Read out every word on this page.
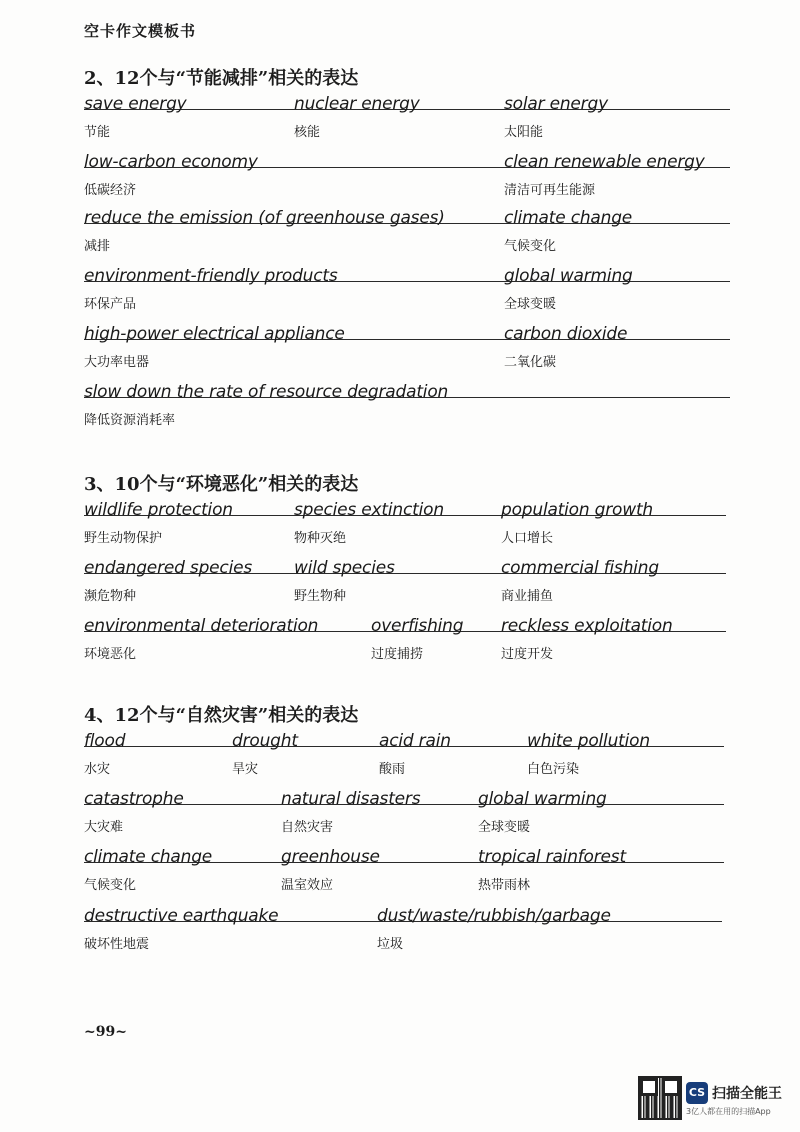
空卡作文模板书
2、12个与“节能减排”相关的表达
save energy
节能
nuclear energy
核能
solar energy
太阳能
low-carbon economy
低碳经济
clean renewable energy
清洁可再生能源
reduce the emission (of greenhouse gases)
减排
climate change
气候变化
environment-friendly products
环保产品
global warming
全球变暖
high-power electrical appliance
大功率电器
carbon dioxide
二氧化碳
slow down the rate of resource degradation
降低资源消耗率
3、10个与“环境恶化”相关的表达
wildlife protection
野生动物保护
species extinction
物种灭绝
population growth
人口增长
endangered species
濒危物种
wild species
野生物种
commercial fishing
商业捕鱼
environmental deterioration
环境恶化
overfishing
过度捕捞
reckless exploitation
过度开发
4、12个与“自然灾害”相关的表达
flood
水灾
drought
旱灾
acid rain
酸雨
white pollution
白色污染
catastrophe
大灾难
natural disasters
自然灾害
global warming
全球变暖
climate change
气候变化
greenhouse
温室效应
tropical rainforest
热带雨林
destructive earthquake
破坏性地震
dust/waste/rubbish/garbage
垃圾
~99~
CS 扫描全能王
3亿人都在用的扫描App
